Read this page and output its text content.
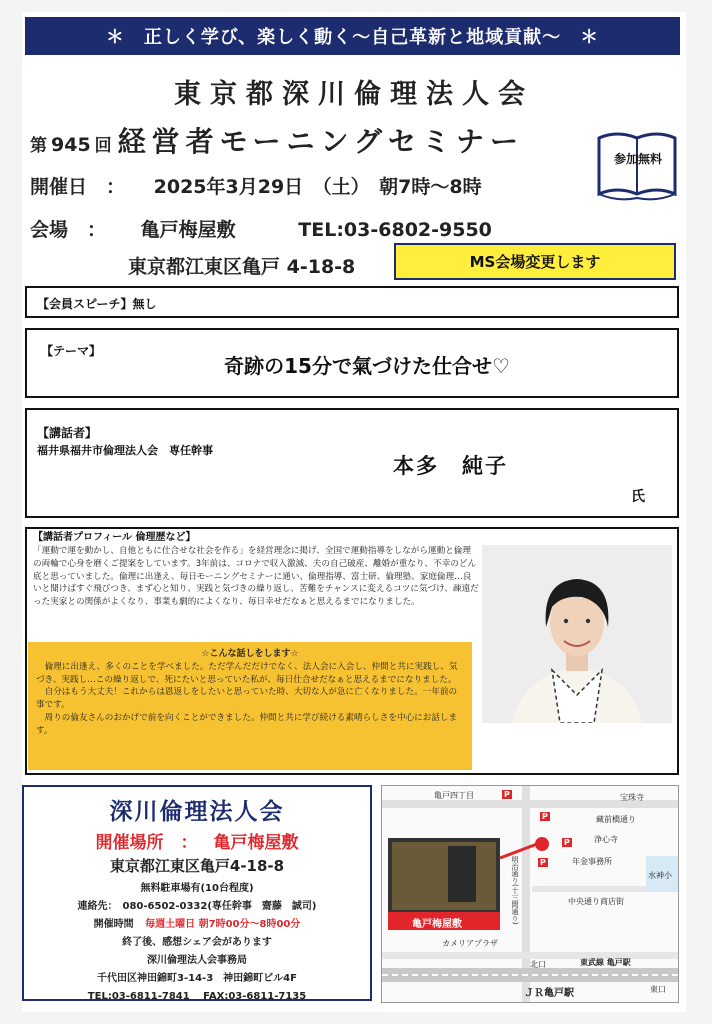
＊　正しく学び、楽しく動く〜自己革新と地域貢献〜　＊
東京都深川倫理法人会
第 945 回 経営者モーニングセミナー
参加無料
開催日　： 2025年3月29日　（土）　朝7時〜8時
会場　： 亀戸梅屋敷	TEL:03-6802-9550
東京都江東区亀戸 4-18-8	MS会場変更します
【会員スピーチ】無し
【テーマ】
奇跡の15分で氣づけた仕合せ♡
【講話者】
福井県福井市倫理法人会　専任幹事
本多　純子
氏
【講話者プロフィール 倫理歴など】
「運動で運を動かし、自他ともに仕合せな社会を作る」を経営理念に掲げ、全国で運動指導をしながら運動と倫理の両輪で心身を磨くご提案をしています。3年前は、コロナで収入激減、夫の自己破産、離婚が重なり、不幸のどん底と思っていました。倫理に出逢え、毎日モーニングセミナーに通い、倫理指導、富士研、倫理塾、家庭倫理…良いと聞けばすぐ飛びつき、まず心と知り、実践と気づきの繰り返し、苦難をチャンスに変えるコツに気づけ、疎遠だった実家との関係がよくなり、事業も劇的によくなり、毎日幸せだなぁと思えるまでになりました。
☆こんな話しをします☆
倫理に出逢え、多くのことを学べました。ただ学んだだけでなく、法人会に入会し、仲間と共に実践し、気づき、実践し…この繰り返しで、死にたいと思っていた私が、毎日仕合せだなぁと思えるまでになりました。
自分はもう大丈夫！これからは恩返しをしたいと思っていた時、大切な人が急に亡くなりました。一年前の事です。
周りの倫友さんのおかげで前を向くことができました。仲間と共に学び続ける素晴らしさを中心にお話します。
深川倫理法人会
開催場所　： 亀戸梅屋敷
東京都江東区亀戸4-18-8
無料駐車場有(10台程度)
連絡先：　080-6502-0332(専任幹事　齋藤　誠司)
開催時間 毎週土曜日 朝7時00分〜8時00分
終了後、感想シェア会があります
深川倫理法人会事務局
千代田区神田錦町3-14-3　神田錦町ビル4F
TEL:03-6811-7841　 FAX:03-6811-7135
亀戸四丁目	宝珠寺
藏前橋通り
浄心寺
年金事務所
明治通り(十三間通り)	水神小
中央通り商店街
亀戸梅屋敷
カメリアプラザ
北口	東武線 亀戸駅
ＪＲ亀戸駅	東口
P
P
P
P
